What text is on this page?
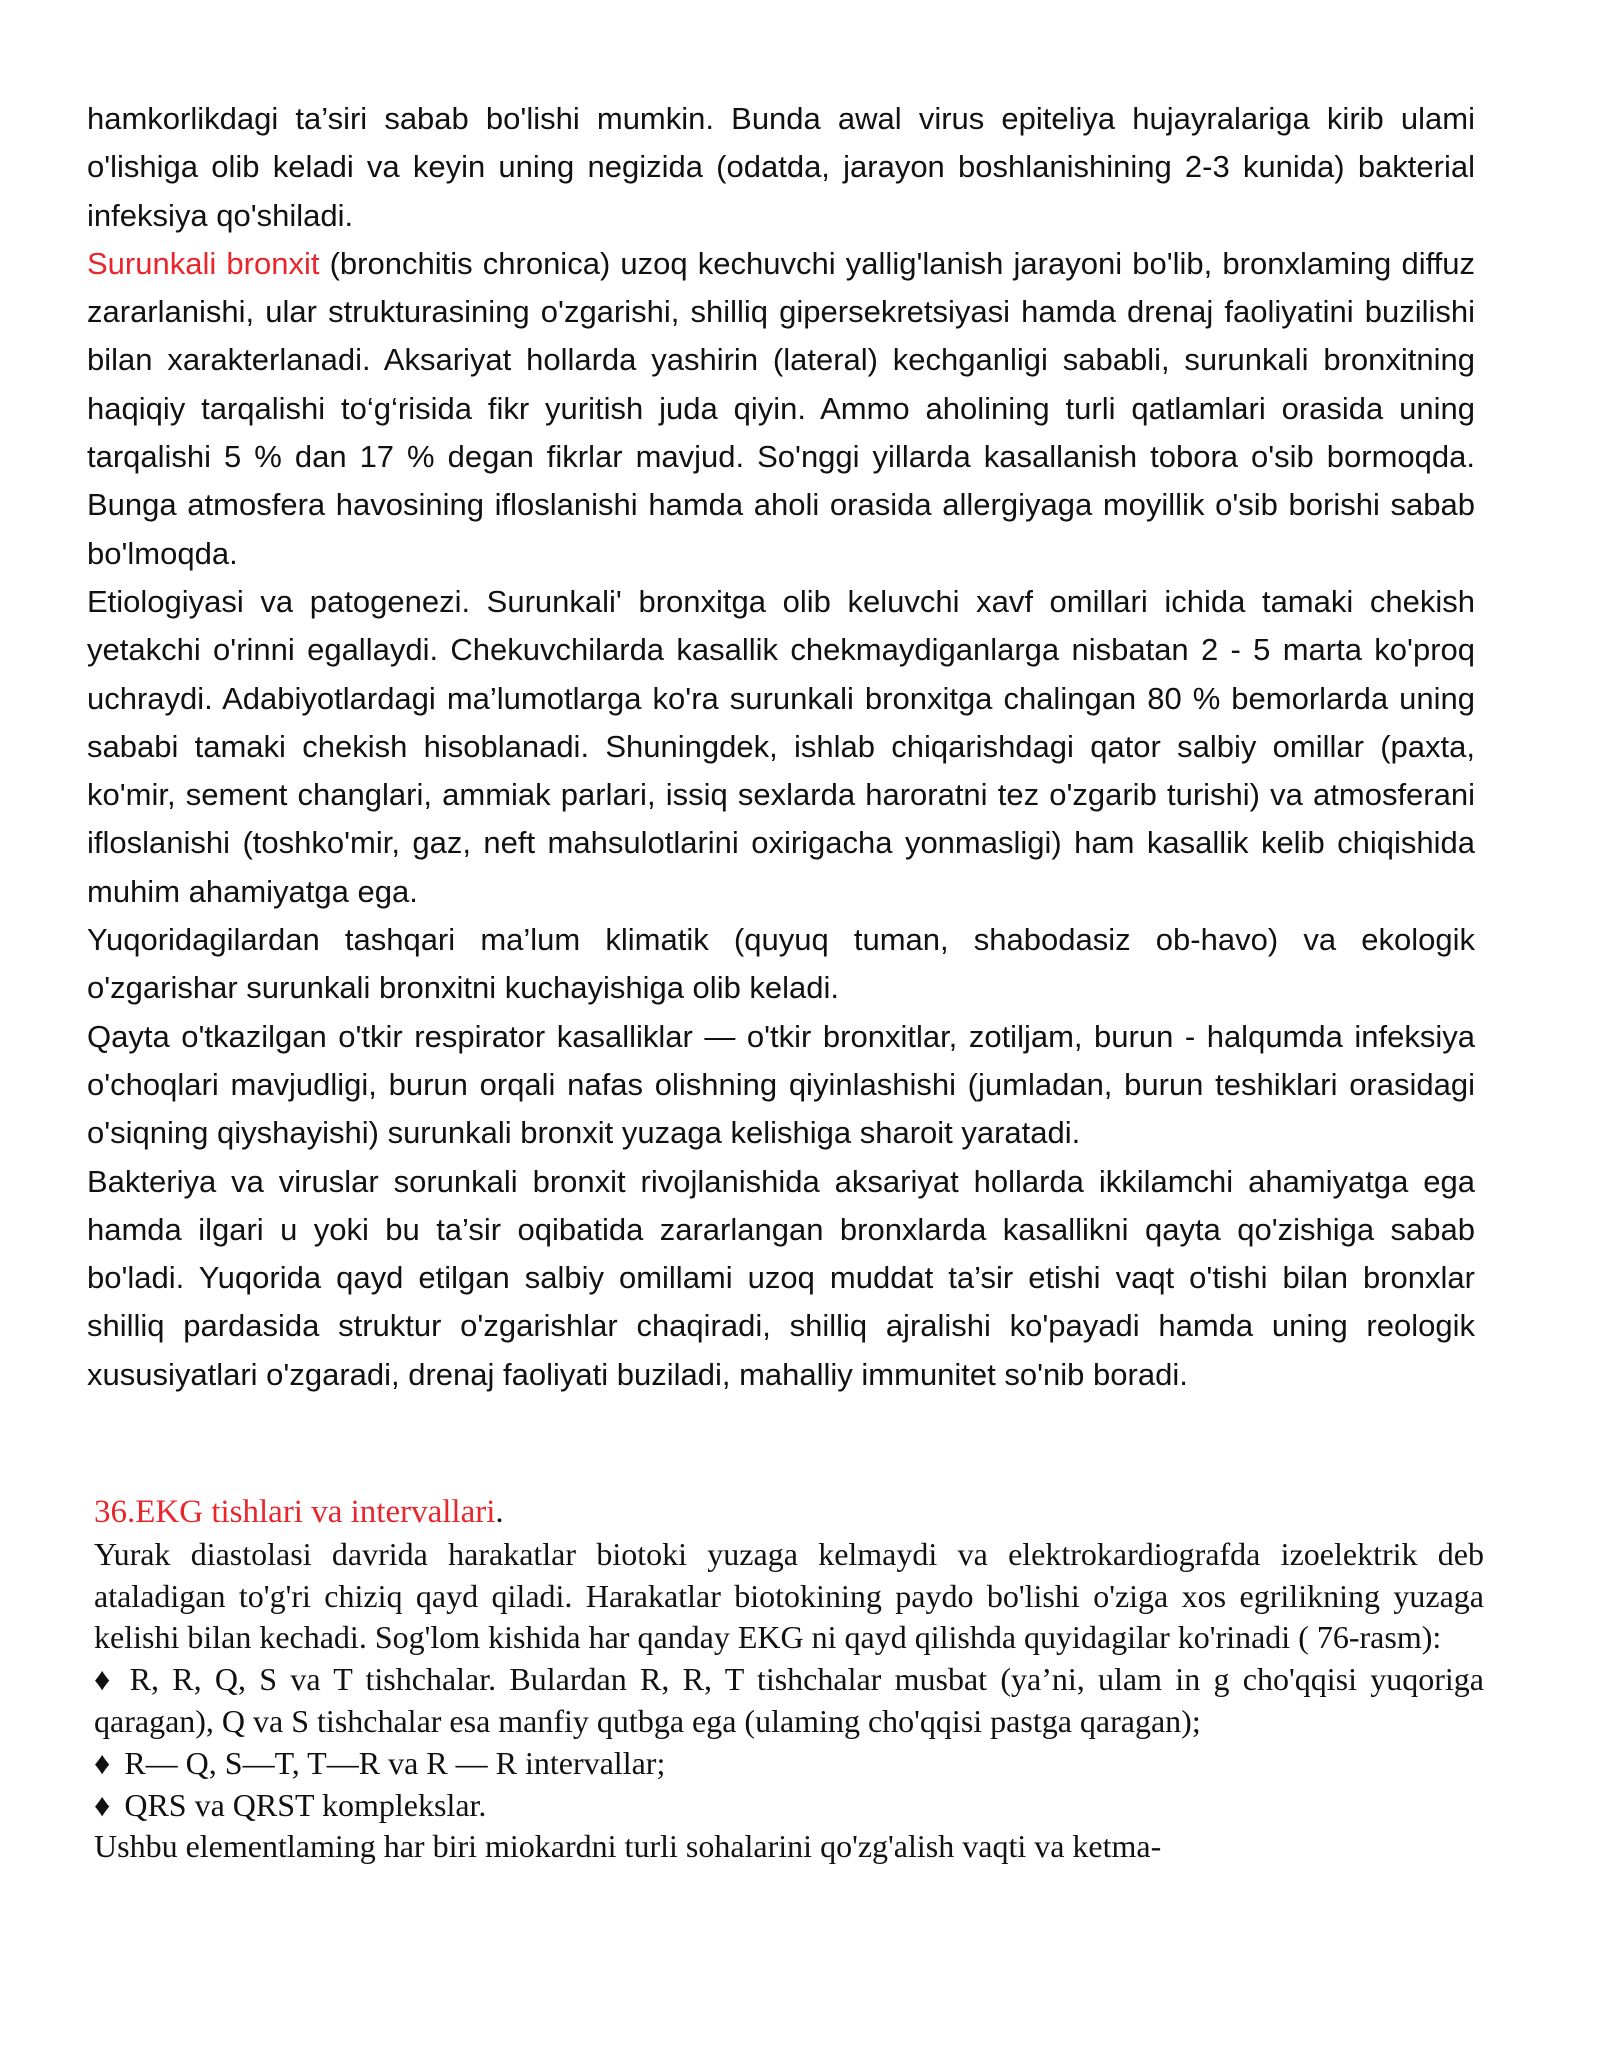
hamkorlikdagi ta’siri sabab bo'lishi mumkin. Bunda awal virus epiteliya hujayralariga kirib ulami o'lishiga olib keladi va keyin uning negizida (odatda, jarayon boshlanishining 2-3 kunida) bakterial infeksiya qo'shiladi.

Surunkali bronxit (bronchitis chronica) uzoq kechuvchi yallig'lanish jarayoni bo'lib, bronxlaming diffuz zararlanishi, ular strukturasining o'zgarishi, shilliq gipersekretsiyasi hamda drenaj faoliyatini buzilishi bilan xarakterlanadi. Aksariyat hollarda yashirin (lateral) kechganligi sababli, surunkali bronxitning haqiqiy tarqalishi to‘g‘risida fikr yuritish juda qiyin. Ammo aholining turli qatlamlari orasida uning tarqalishi 5 % dan 17 % degan fikrlar mavjud. So'nggi yillarda kasallanish tobora o'sib bormoqda. Bunga atmosfera havosining ifloslanishi hamda aholi orasida allergiyaga moyillik o'sib borishi sabab bo'lmoqda.

Etiologiyasi va patogenezi. Surunkali' bronxitga olib keluvchi xavf omillari ichida tamaki chekish yetakchi o'rinni egallaydi. Chekuvchilarda kasallik chekmaydiganlarga nisbatan 2 - 5 marta ko'proq uchraydi. Adabiyotlardagi ma’lumotlarga ko'ra surunkali bronxitga chalingan 80 % bemorlarda uning sababi tamaki chekish hisoblanadi. Shuningdek, ishlab chiqarishdagi qator salbiy omillar (paxta, ko'mir, sement changlari, ammiak parlari, issiq sexlarda haroratni tez o'zgarib turishi) va atmosferani ifloslanishi (toshko'mir, gaz, neft mahsulotlarini oxirigacha yonmasligi) ham kasallik kelib chiqishida muhim ahamiyatga ega.

Yuqoridagilardan tashqari ma’lum klimatik (quyuq tuman, shabodasiz ob-havo) va ekologik o'zgarishar surunkali bronxitni kuchayishiga olib keladi.

Qayta o'tkazilgan o'tkir respirator kasalliklar — o'tkir bronxitlar, zotiljam, burun - halqumda infeksiya o'choqlari mavjudligi, burun orqali nafas olishning qiyinlashishi (jumladan, burun teshiklari orasidagi o'siqning qiyshayishi) surunkali bronxit yuzaga kelishiga sharoit yaratadi.

Bakteriya va viruslar sorunkali bronxit rivojlanishida aksariyat hollarda ikkilamchi ahamiyatga ega hamda ilgari u yoki bu ta’sir oqibatida zararlangan bronxlarda kasallikni qayta qo'zishiga sabab bo'ladi. Yuqorida qayd etilgan salbiy omillami uzoq muddat ta’sir etishi vaqt o'tishi bilan bronxlar shilliq pardasida struktur o'zgarishlar chaqiradi, shilliq ajralishi ko'payadi hamda uning reologik xususiyatlari o'zgaradi, drenaj faoliyati buziladi, mahalliy immunitet so'nib boradi.

36.EKG tishlari va intervallari.

Yurak diastolasi davrida harakatlar biotoki yuzaga kelmaydi va elektrokardiografda izoelektrik deb ataladigan to'g'ri chiziq qayd qiladi. Harakatlar biotokining paydo bo'lishi o'ziga xos egrilikning yuzaga kelishi bilan kechadi. Sog'lom kishida har qanday EKG ni qayd qilishda quyidagilar ko'rinadi ( 76-rasm):

♦ R, R, Q, S va T tishchalar. Bulardan R, R, T tishchalar musbat (ya’ni, ulam in g cho'qqisi yuqoriga qaragan), Q va S tishchalar esa manfiy qutbga ega (ulaming cho'qqisi pastga qaragan);

♦ R— Q, S—T, T—R va R — R intervallar;

♦ QRS va QRST komplekslar.

Ushbu elementlaming har biri miokardni turli sohalarini qo'zg'alish vaqti va ketma-
